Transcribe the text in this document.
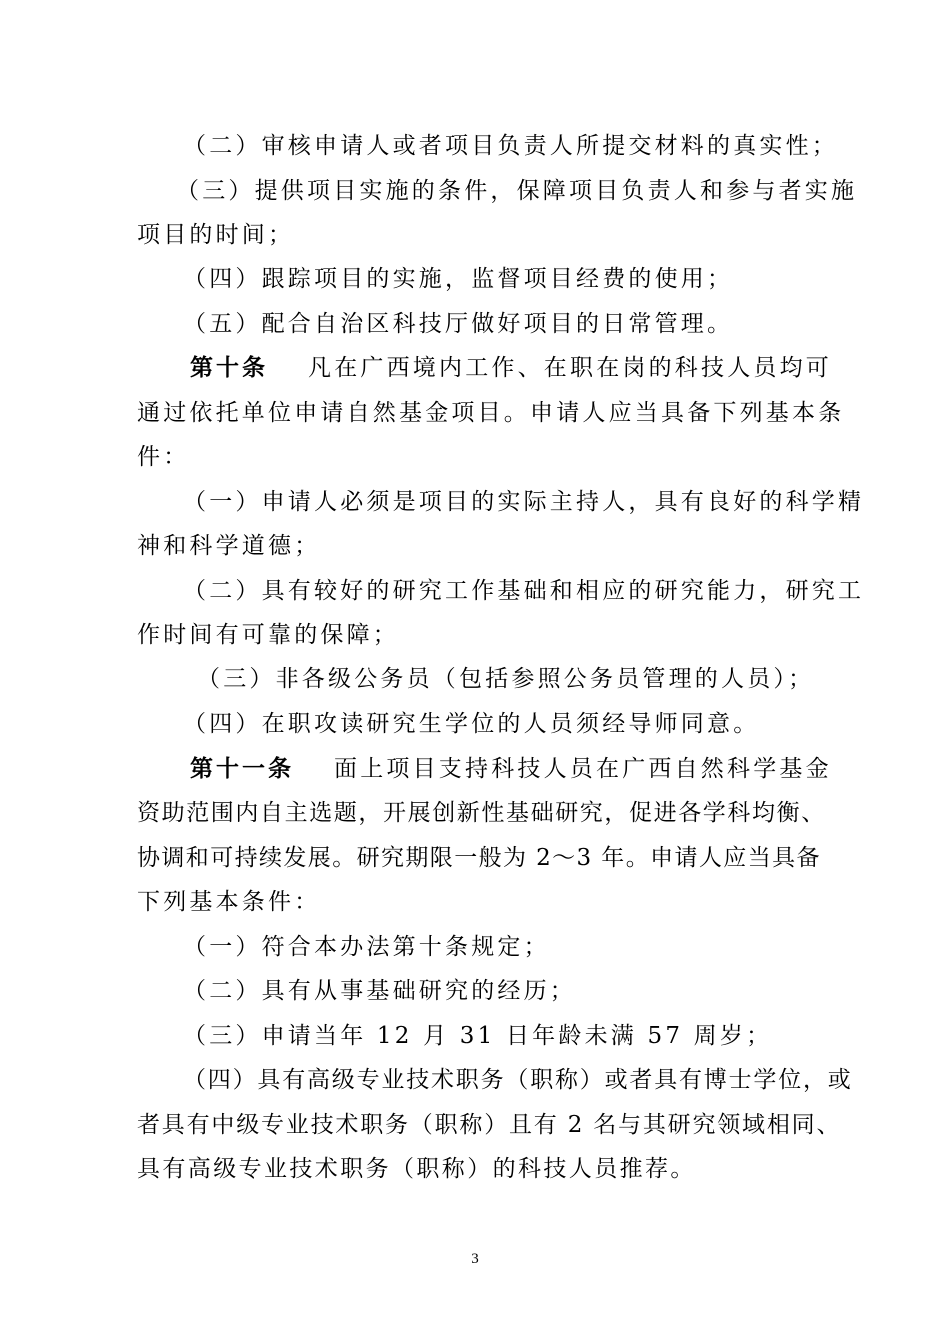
（二）审核申请人或者项目负责人所提交材料的真实性；
（三）提供项目实施的条件，保障项目负责人和参与者实施
项目的时间；
（四）跟踪项目的实施，监督项目经费的使用；
（五）配合自治区科技厅做好项目的日常管理。
第十条 凡在广西境内工作、在职在岗的科技人员均可
通过依托单位申请自然基金项目。申请人应当具备下列基本条
件：
（一）申请人必须是项目的实际主持人，具有良好的科学精
神和科学道德；
（二）具有较好的研究工作基础和相应的研究能力，研究工
作时间有可靠的保障；
（三）非各级公务员（包括参照公务员管理的人员）；
（四）在职攻读研究生学位的人员须经导师同意。
第十一条 面上项目支持科技人员在广西自然科学基金
资助范围内自主选题，开展创新性基础研究，促进各学科均衡、
协调和可持续发展。研究期限一般为 2～3 年。申请人应当具备
下列基本条件：
（一）符合本办法第十条规定；
（二）具有从事基础研究的经历；
（三）申请当年 12 月 31 日年龄未满 57 周岁；
（四）具有高级专业技术职务（职称）或者具有博士学位，或
者具有中级专业技术职务（职称）且有 2 名与其研究领域相同、
具有高级专业技术职务（职称）的科技人员推荐。
3
